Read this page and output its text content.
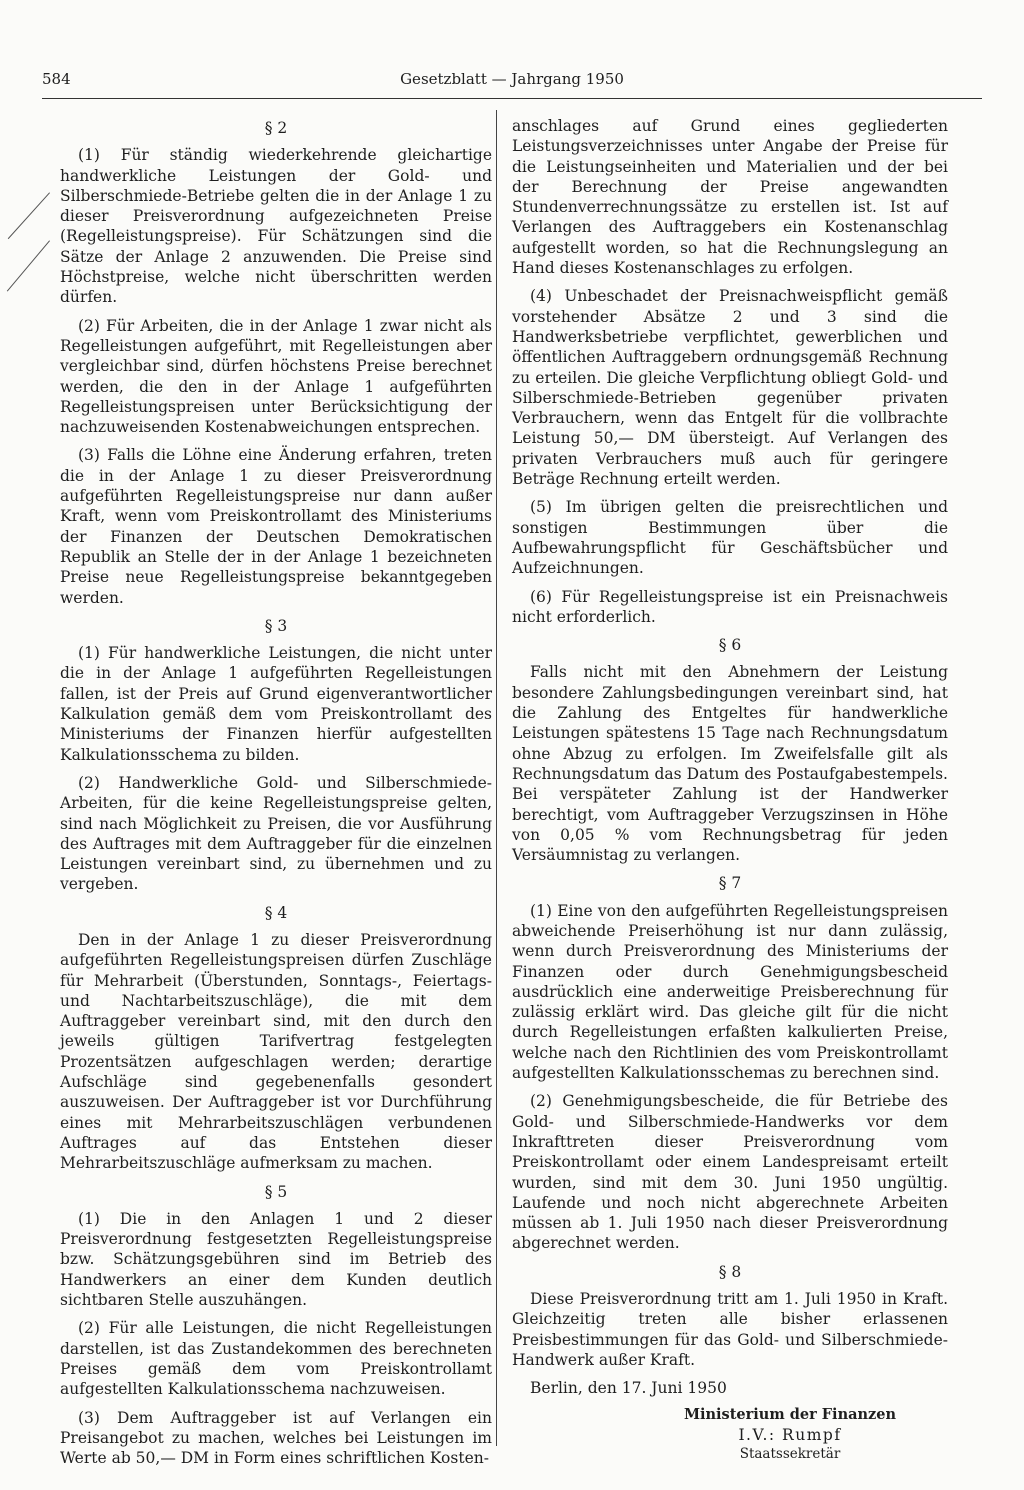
584	Gesetzblatt — Jahrgang 1950
§ 2

(1) Für ständig wiederkehrende gleichartige handwerkliche Leistungen der Gold- und Silberschmiede-Betriebe gelten die in der Anlage 1 zu dieser Preisverordnung aufgezeichneten Preise (Regelleistungspreise). Für Schätzungen sind die Sätze der Anlage 2 anzuwenden. Die Preise sind Höchstpreise, welche nicht überschritten werden dürfen.

(2) Für Arbeiten, die in der Anlage 1 zwar nicht als Regelleistungen aufgeführt, mit Regelleistungen aber vergleichbar sind, dürfen höchstens Preise berechnet werden, die den in der Anlage 1 aufgeführten Regelleistungspreisen unter Berücksichtigung der nachzuweisenden Kostenabweichungen entsprechen.

(3) Falls die Löhne eine Änderung erfahren, treten die in der Anlage 1 zu dieser Preisverordnung aufgeführten Regelleistungspreise nur dann außer Kraft, wenn vom Preiskontrollamt des Ministeriums der Finanzen der Deutschen Demokratischen Republik an Stelle der in der Anlage 1 bezeichneten Preise neue Regelleistungspreise bekanntgegeben werden.

§ 3

(1) Für handwerkliche Leistungen, die nicht unter die in der Anlage 1 aufgeführten Regelleistungen fallen, ist der Preis auf Grund eigenverantwortlicher Kalkulation gemäß dem vom Preiskontrollamt des Ministeriums der Finanzen hierfür aufgestellten Kalkulationsschema zu bilden.

(2) Handwerkliche Gold- und Silberschmiede-Arbeiten, für die keine Regelleistungspreise gelten, sind nach Möglichkeit zu Preisen, die vor Ausführung des Auftrages mit dem Auftraggeber für die einzelnen Leistungen vereinbart sind, zu übernehmen und zu vergeben.

§ 4

Den in der Anlage 1 zu dieser Preisverordnung aufgeführten Regelleistungspreisen dürfen Zuschläge für Mehrarbeit (Überstunden, Sonntags-, Feiertags- und Nachtarbeitszuschläge), die mit dem Auftraggeber vereinbart sind, mit den durch den jeweils gültigen Tarifvertrag festgelegten Prozentsätzen aufgeschlagen werden; derartige Aufschläge sind gegebenenfalls gesondert auszuweisen. Der Auftraggeber ist vor Durchführung eines mit Mehrarbeitszuschlägen verbundenen Auftrages auf das Entstehen dieser Mehrarbeitszuschläge aufmerksam zu machen.

§ 5

(1) Die in den Anlagen 1 und 2 dieser Preisverordnung festgesetzten Regelleistungspreise bzw. Schätzungsgebühren sind im Betrieb des Handwerkers an einer dem Kunden deutlich sichtbaren Stelle auszuhängen.

(2) Für alle Leistungen, die nicht Regelleistungen darstellen, ist das Zustandekommen des berechneten Preises gemäß dem vom Preiskontrollamt aufgestellten Kalkulationsschema nachzuweisen.

(3) Dem Auftraggeber ist auf Verlangen ein Preisangebot zu machen, welches bei Leistungen im Werte ab 50,— DM in Form eines schriftlichen Kosten-

anschlages auf Grund eines gegliederten Leistungsverzeichnisses unter Angabe der Preise für die Leistungseinheiten und Materialien und der bei der Berechnung der Preise angewandten Stundenverrechnungssätze zu erstellen ist. Ist auf Verlangen des Auftraggebers ein Kostenanschlag aufgestellt worden, so hat die Rechnungslegung an Hand dieses Kostenanschlages zu erfolgen.

(4) Unbeschadet der Preisnachweispflicht gemäß vorstehender Absätze 2 und 3 sind die Handwerksbetriebe verpflichtet, gewerblichen und öffentlichen Auftraggebern ordnungsgemäß Rechnung zu erteilen. Die gleiche Verpflichtung obliegt Gold- und Silberschmiede-Betrieben gegenüber privaten Verbrauchern, wenn das Entgelt für die vollbrachte Leistung 50,— DM übersteigt. Auf Verlangen des privaten Verbrauchers muß auch für geringere Beträge Rechnung erteilt werden.

(5) Im übrigen gelten die preisrechtlichen und sonstigen Bestimmungen über die Aufbewahrungspflicht für Geschäftsbücher und Aufzeichnungen.

(6) Für Regelleistungspreise ist ein Preisnachweis nicht erforderlich.

§ 6

Falls nicht mit den Abnehmern der Leistung besondere Zahlungsbedingungen vereinbart sind, hat die Zahlung des Entgeltes für handwerkliche Leistungen spätestens 15 Tage nach Rechnungsdatum ohne Abzug zu erfolgen. Im Zweifelsfalle gilt als Rechnungsdatum das Datum des Postaufgabestempels. Bei verspäteter Zahlung ist der Handwerker berechtigt, vom Auftraggeber Verzugszinsen in Höhe von 0,05 % vom Rechnungsbetrag für jeden Versäumnistag zu verlangen.

§ 7

(1) Eine von den aufgeführten Regelleistungspreisen abweichende Preiserhöhung ist nur dann zulässig, wenn durch Preisverordnung des Ministeriums der Finanzen oder durch Genehmigungsbescheid ausdrücklich eine anderweitige Preisberechnung für zulässig erklärt wird. Das gleiche gilt für die nicht durch Regelleistungen erfaßten kalkulierten Preise, welche nach den Richtlinien des vom Preiskontrollamt aufgestellten Kalkulationsschemas zu berechnen sind.

(2) Genehmigungsbescheide, die für Betriebe des Gold- und Silberschmiede-Handwerks vor dem Inkrafttreten dieser Preisverordnung vom Preiskontrollamt oder einem Landespreisamt erteilt wurden, sind mit dem 30. Juni 1950 ungültig. Laufende und noch nicht abgerechnete Arbeiten müssen ab 1. Juli 1950 nach dieser Preisverordnung abgerechnet werden.

§ 8

Diese Preisverordnung tritt am 1. Juli 1950 in Kraft. Gleichzeitig treten alle bisher erlassenen Preisbestimmungen für das Gold- und Silberschmiede-Handwerk außer Kraft.

Berlin, den 17. Juni 1950
Ministerium der Finanzen
I.V.: Rumpf
Staatssekretär
